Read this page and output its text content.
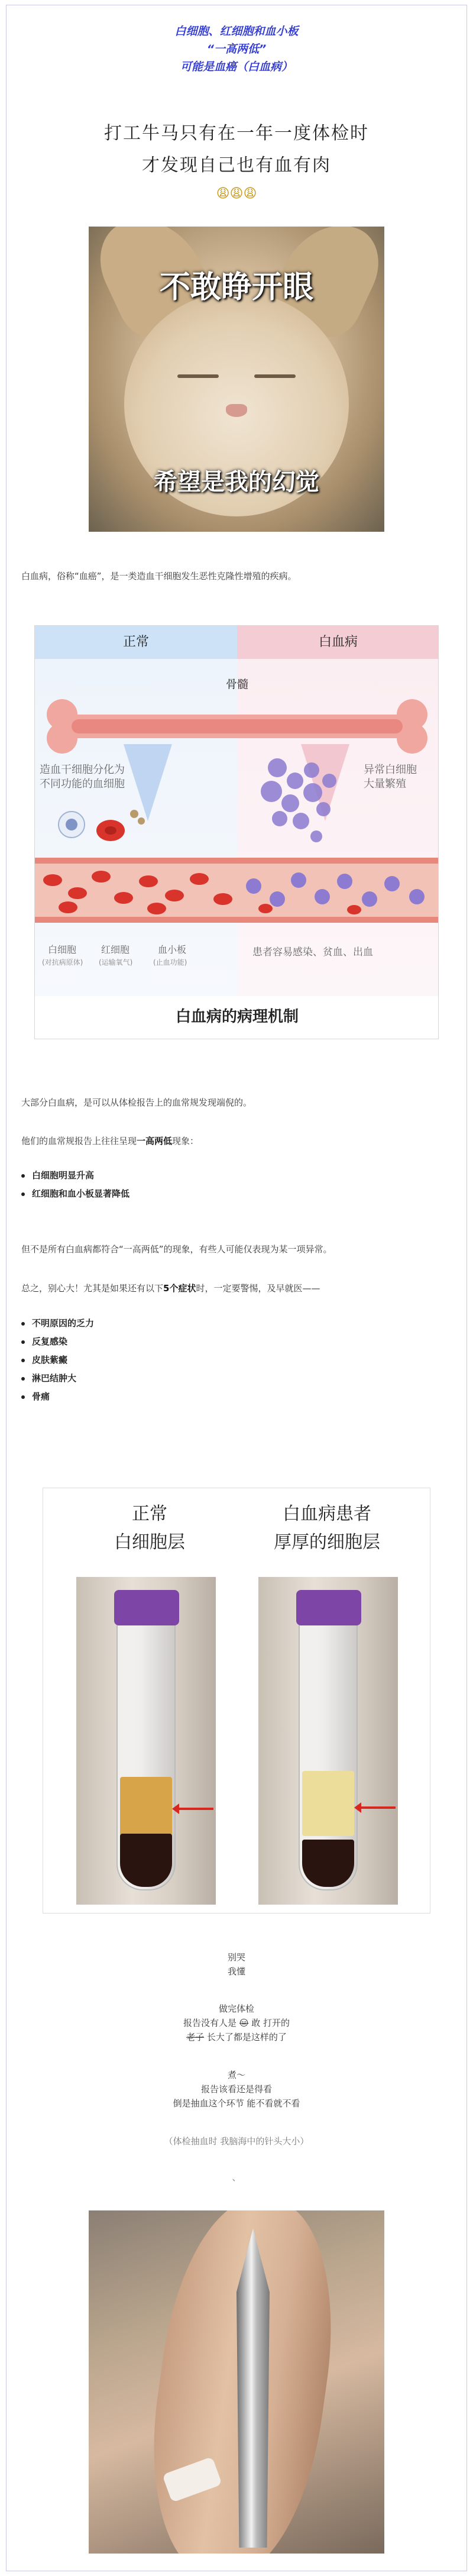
白细胞、红细胞和血小板
“一高两低”
可能是血癌（白血病）
打工牛马只有在一年一度体检时
才发现自己也有血有肉
😩😩😩
不敢睁开眼
希望是我的幻觉
白血病，俗称“血癌”，是一类造血干细胞发生恶性克隆性增殖的疾病。
正常	白血病
骨髓
造血干细胞分化为
不同功能的血细胞
异常白细胞
大量繁殖
白细胞
(对抗病原体)
红细胞
(运输氧气)
血小板
(止血功能)
患者容易感染、贫血、出血
白血病的病理机制
大部分白血病，是可以从体检报告上的血常规发现端倪的。
他们的血常规报告上往往呈现一高两低现象：
白细胞明显升高
红细胞和血小板显著降低
但不是所有白血病都符合“一高两低”的现象，有些人可能仅表现为某一项异常。
总之，别心大！尤其是如果还有以下5个症状时，一定要警惕，及早就医——
不明原因的乏力
反复感染
皮肤紫癜
淋巴结肿大
骨痛
正常
白细胞层
白血病患者
厚厚的细胞层
别哭
我懂
做完体检
报告没有人是 😑 敢 打开的
老子 长大了都是这样的了
煮～
报告该看还是得看
倒是抽血这个环节 能不看就不看
（体检抽血时 我脑海中的针头大小）
、
